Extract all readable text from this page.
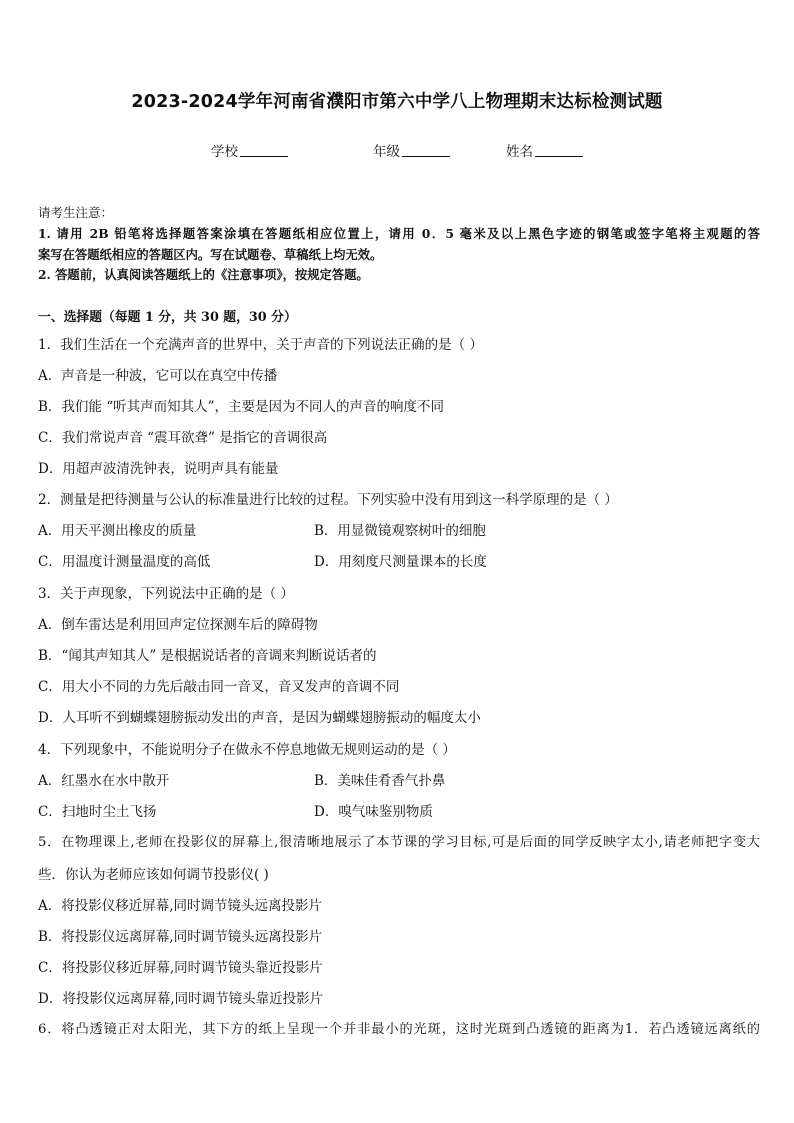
2023-2024学年河南省濮阳市第六中学八上物理期末达标检测试题
学校	年级	姓名
请考生注意：
1. 请用 2B 铅笔将选择题答案涂填在答题纸相应位置上，请用 0．5 毫米及以上黑色字迹的钢笔或签字笔将主观题的答
案写在答题纸相应的答题区内。写在试题卷、草稿纸上均无效。
2. 答题前，认真阅读答题纸上的《注意事项》，按规定答题。
一、选择题（每题 1 分，共 30 题，30 分）
1．我们生活在一个充满声音的世界中，关于声音的下列说法正确的是（ ）
A．声音是一种波，它可以在真空中传播
B．我们能 “听其声而知其人”，主要是因为不同人的声音的响度不同
C．我们常说声音 “震耳欲聋” 是指它的音调很高
D．用超声波清洗钟表，说明声具有能量
2．测量是把待测量与公认的标准量进行比较的过程。下列实验中没有用到这一科学原理的是（ ）
A．用天平测出橡皮的质量	B．用显微镜观察树叶的细胞
C．用温度计测量温度的高低	D．用刻度尺测量课本的长度
3．关于声现象，下列说法中正确的是（ ）
A．倒车雷达是利用回声定位探测车后的障碍物
B．“闻其声知其人” 是根据说话者的音调来判断说话者的
C．用大小不同的力先后敲击同一音叉，音叉发声的音调不同
D．人耳听不到蝴蝶翅膀振动发出的声音，是因为蝴蝶翅膀振动的幅度太小
4．下列现象中，不能说明分子在做永不停息地做无规则运动的是（ ）
A．红墨水在水中散开	B．美味佳肴香气扑鼻
C．扫地时尘土飞扬	D．嗅气味鉴别物质
5．在物理课上,老师在投影仪的屏幕上,很清晰地展示了本节课的学习目标,可是后面的同学反映字太小,请老师把字变大
些．你认为老师应该如何调节投影仪( )
A．将投影仪移近屏幕,同时调节镜头远离投影片
B．将投影仪远离屏幕,同时调节镜头远离投影片
C．将投影仪移近屏幕,同时调节镜头靠近投影片
D．将投影仪远离屏幕,同时调节镜头靠近投影片
6．将凸透镜正对太阳光，其下方的纸上呈现一个并非最小的光斑，这时光斑到凸透镜的距离为1．若凸透镜远离纸的
